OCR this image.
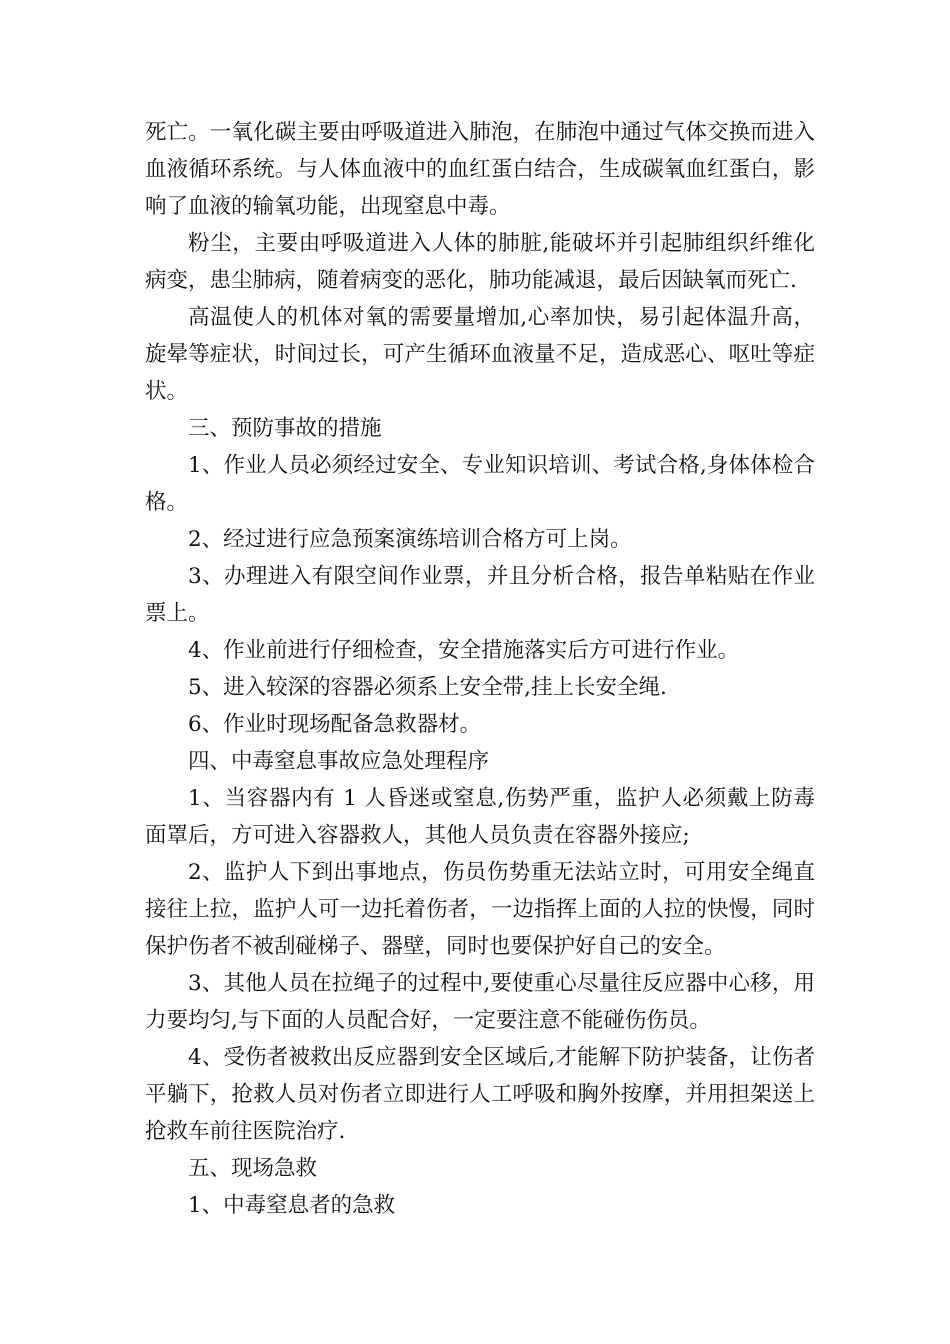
死亡。一氧化碳主要由呼吸道进入肺泡，在肺泡中通过气体交换而进入血液循环系统。与人体血液中的血红蛋白结合，生成碳氧血红蛋白，影响了血液的输氧功能，出现窒息中毒。

粉尘，主要由呼吸道进入人体的肺脏,能破坏并引起肺组织纤维化病变，患尘肺病，随着病变的恶化，肺功能减退，最后因缺氧而死亡.

高温使人的机体对氧的需要量增加,心率加快，易引起体温升高，旋晕等症状，时间过长，可产生循环血液量不足，造成恶心、呕吐等症状。

三、预防事故的措施

1、作业人员必须经过安全、专业知识培训、考试合格,身体体检合格。

2、经过进行应急预案演练培训合格方可上岗。

3、办理进入有限空间作业票，并且分析合格，报告单粘贴在作业票上。

4、作业前进行仔细检查，安全措施落实后方可进行作业。

5、进入较深的容器必须系上安全带,挂上长安全绳.

6、作业时现场配备急救器材。

四、中毒窒息事故应急处理程序

1、当容器内有 1 人昏迷或窒息,伤势严重，监护人必须戴上防毒面罩后，方可进入容器救人，其他人员负责在容器外接应;

2、监护人下到出事地点，伤员伤势重无法站立时，可用安全绳直接往上拉，监护人可一边托着伤者，一边指挥上面的人拉的快慢，同时保护伤者不被刮碰梯子、器壁，同时也要保护好自己的安全。

3、其他人员在拉绳子的过程中,要使重心尽量往反应器中心移，用力要均匀,与下面的人员配合好，一定要注意不能碰伤伤员。

4、受伤者被救出反应器到安全区域后,才能解下防护装备，让伤者平躺下，抢救人员对伤者立即进行人工呼吸和胸外按摩，并用担架送上抢救车前往医院治疗.

五、现场急救

1、中毒窒息者的急救
